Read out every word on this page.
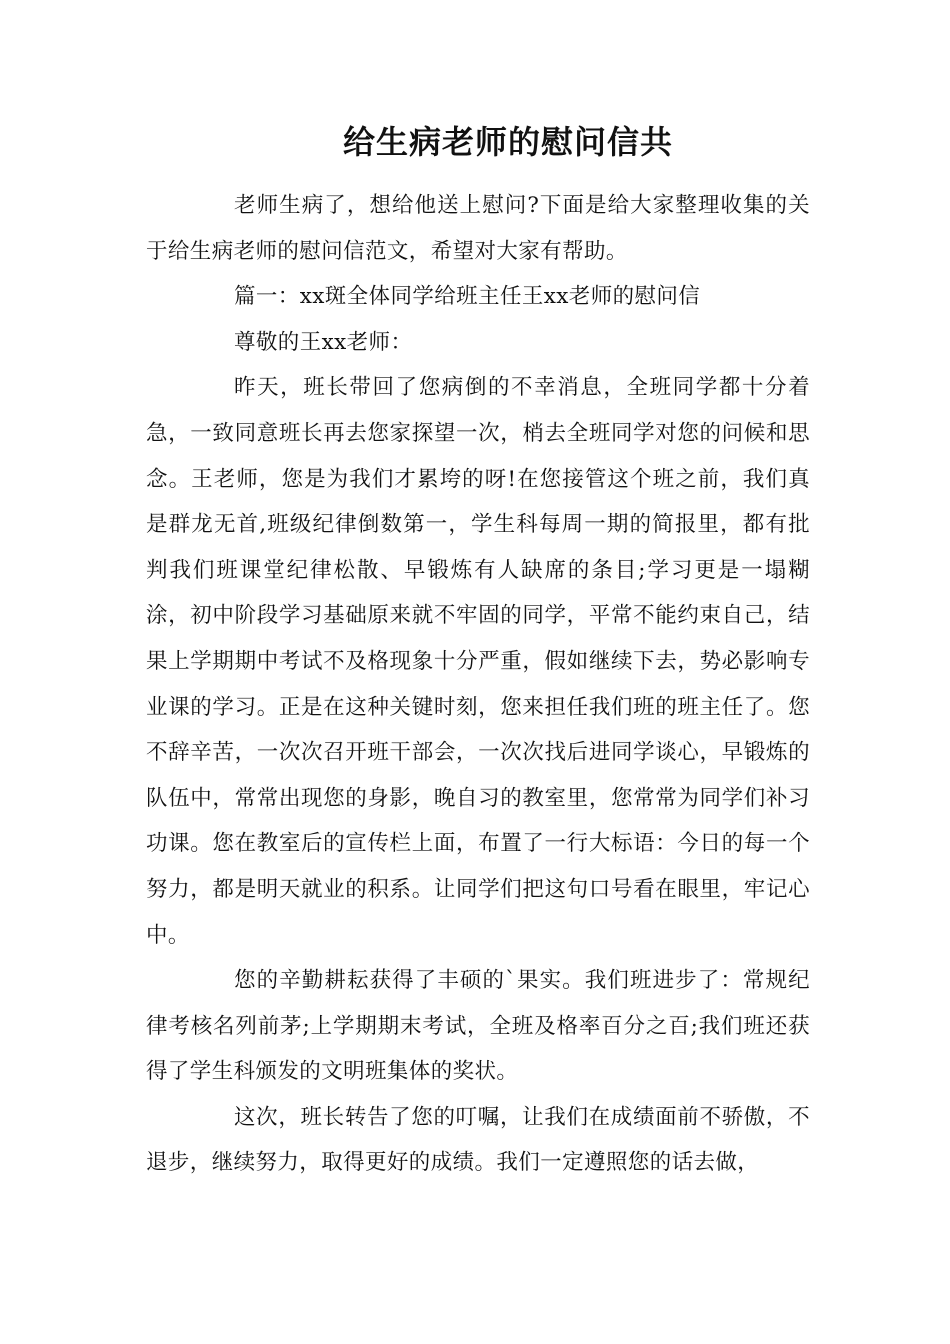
给生病老师的慰问信共

老师生病了，想给他送上慰问?下面是给大家整理收集的关于给生病老师的慰问信范文，希望对大家有帮助。

篇一：xx斑全体同学给班主任王xx老师的慰问信

尊敬的王xx老师：

昨天，班长带回了您病倒的不幸消息，全班同学都十分着急，一致同意班长再去您家探望一次，梢去全班同学对您的问候和思念。王老师，您是为我们才累垮的呀!在您接管这个班之前，我们真是群龙无首,班级纪律倒数第一，学生科每周一期的简报里，都有批判我们班课堂纪律松散、早锻炼有人缺席的条目;学习更是一塌糊涂，初中阶段学习基础原来就不牢固的同学，平常不能约束自己，结果上学期期中考试不及格现象十分严重，假如继续下去，势必影响专业课的学习。正是在这种关键时刻，您来担任我们班的班主任了。您不辞辛苦，一次次召开班干部会，一次次找后进同学谈心，早锻炼的队伍中，常常出现您的身影，晚自习的教室里，您常常为同学们补习功课。您在教室后的宣传栏上面，布置了一行大标语：今日的每一个努力，都是明天就业的积系。让同学们把这句口号看在眼里，牢记心中。

您的辛勤耕耘获得了丰硕的`果实。我们班进步了：常规纪律考核名列前茅;上学期期末考试，全班及格率百分之百;我们班还获得了学生科颁发的文明班集体的奖状。

这次，班长转告了您的叮嘱，让我们在成绩面前不骄傲，不退步，继续努力，取得更好的成绩。我们一定遵照您的话去做，
